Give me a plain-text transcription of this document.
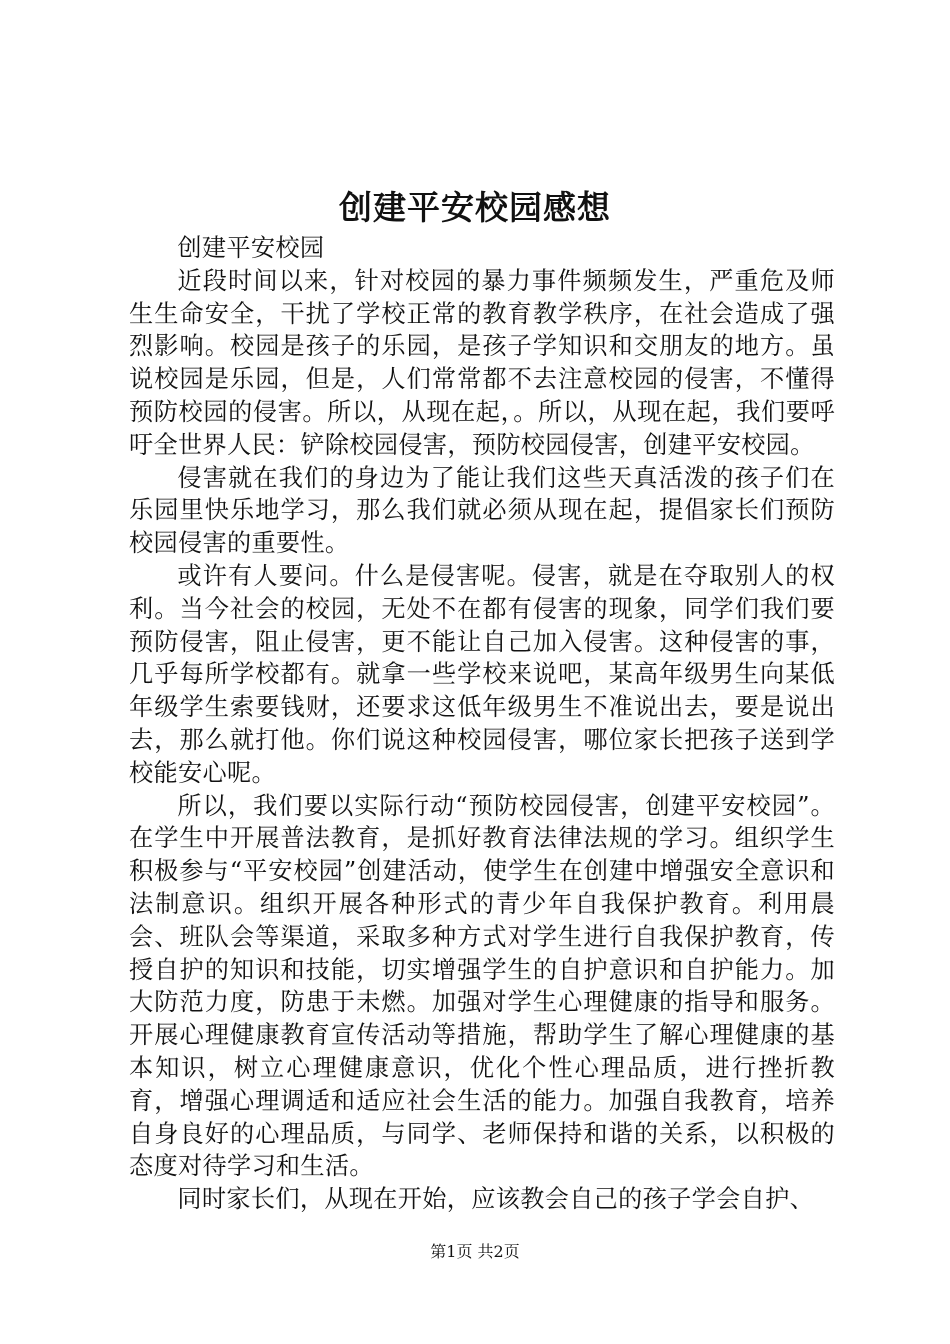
创建平安校园感想

创建平安校园

近段时间以来，针对校园的暴力事件频频发生，严重危及师生生命安全，干扰了学校正常的教育教学秩序，在社会造成了强烈影响。校园是孩子的乐园，是孩子学知识和交朋友的地方。虽说校园是乐园，但是，人们常常都不去注意校园的侵害，不懂得预防校园的侵害。所以，从现在起，。所以，从现在起，我们要呼吁全世界人民：铲除校园侵害，预防校园侵害，创建平安校园。

侵害就在我们的身边为了能让我们这些天真活泼的孩子们在乐园里快乐地学习，那么我们就必须从现在起，提倡家长们预防校园侵害的重要性。

或许有人要问。什么是侵害呢。侵害，就是在夺取别人的权利。当今社会的校园，无处不在都有侵害的现象，同学们我们要预防侵害，阻止侵害，更不能让自己加入侵害。这种侵害的事，几乎每所学校都有。就拿一些学校来说吧，某高年级男生向某低年级学生索要钱财，还要求这低年级男生不准说出去，要是说出去，那么就打他。你们说这种校园侵害，哪位家长把孩子送到学校能安心呢。

所以，我们要以实际行动“预防校园侵害，创建平安校园”。在学生中开展普法教育，是抓好教育法律法规的学习。组织学生积极参与“平安校园”创建活动，使学生在创建中增强安全意识和法制意识。组织开展各种形式的青少年自我保护教育。利用晨会、班队会等渠道，采取多种方式对学生进行自我保护教育，传授自护的知识和技能，切实增强学生的自护意识和自护能力。加大防范力度，防患于未燃。加强对学生心理健康的指导和服务。开展心理健康教育宣传活动等措施，帮助学生了解心理健康的基本知识，树立心理健康意识，优化个性心理品质，进行挫折教育，增强心理调适和适应社会生活的能力。加强自我教育，培养自身良好的心理品质，与同学、老师保持和谐的关系，以积极的态度对待学习和生活。

同时家长们，从现在开始，应该教会自己的孩子学会自护、

第1页 共2页
